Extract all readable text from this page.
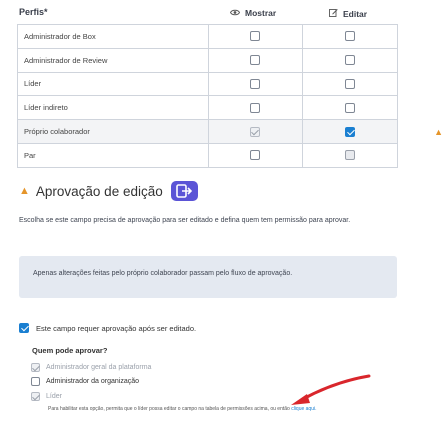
Perfis*	Mostrar	Editar
Administrador de Box		
Administrador de Review		
Líder		
Líder indireto		
Próprio colaborador		▲

Par		
▲ Aprovação de edição
Escolha se este campo precisa de aprovação para ser editado e defina quem tem permissão para aprovar.
Apenas alterações feitas pelo próprio colaborador passam pelo fluxo de aprovação.
Este campo requer aprovação após ser editado.
Quem pode aprovar?
Administrador geral da plataforma
Administrador da organização
Líder
Para habilitar esta opção, permita que o líder possa editar o campo na tabela de permissões acima, ou então clique aqui.
